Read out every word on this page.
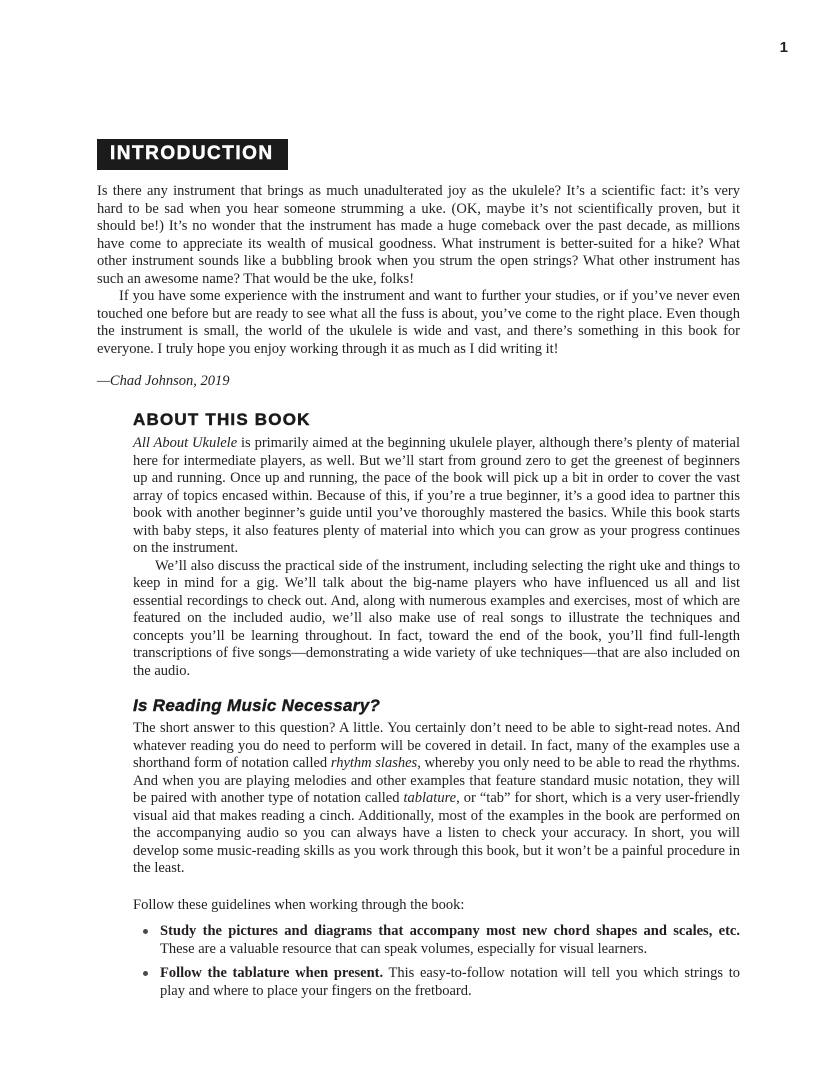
1
INTRODUCTION

Is there any instrument that brings as much unadulterated joy as the ukulele? It’s a scientific fact: it’s very hard to be sad when you hear someone strumming a uke. (OK, maybe it’s not scientifically proven, but it should be!) It’s no wonder that the instrument has made a huge comeback over the past decade, as millions have come to appreciate its wealth of musical goodness. What instrument is better-suited for a hike? What other instrument sounds like a bubbling brook when you strum the open strings? What other instrument has such an awesome name? That would be the uke, folks!

If you have some experience with the instrument and want to further your studies, or if you’ve never even touched one before but are ready to see what all the fuss is about, you’ve come to the right place. Even though the instrument is small, the world of the ukulele is wide and vast, and there’s something in this book for everyone. I truly hope you enjoy working through it as much as I did writing it!

—Chad Johnson, 2019

ABOUT THIS BOOK

All About Ukulele is primarily aimed at the beginning ukulele player, although there’s plenty of material here for intermediate players, as well. But we’ll start from ground zero to get the greenest of beginners up and running. Once up and running, the pace of the book will pick up a bit in order to cover the vast array of topics encased within. Because of this, if you’re a true beginner, it’s a good idea to partner this book with another beginner’s guide until you’ve thoroughly mastered the basics. While this book starts with baby steps, it also features plenty of material into which you can grow as your progress continues on the instrument.

We’ll also discuss the practical side of the instrument, including selecting the right uke and things to keep in mind for a gig. We’ll talk about the big-name players who have influenced us all and list essential recordings to check out. And, along with numerous examples and exercises, most of which are featured on the included audio, we’ll also make use of real songs to illustrate the techniques and concepts you’ll be learning throughout. In fact, toward the end of the book, you’ll find full-length transcriptions of five songs—demonstrating a wide variety of uke techniques—that are also included on the audio.

Is Reading Music Necessary?

The short answer to this question? A little. You certainly don’t need to be able to sight-read notes. And whatever reading you do need to perform will be covered in detail. In fact, many of the examples use a shorthand form of notation called rhythm slashes, whereby you only need to be able to read the rhythms. And when you are playing melodies and other examples that feature standard music notation, they will be paired with another type of notation called tablature, or “tab” for short, which is a very user-friendly visual aid that makes reading a cinch. Additionally, most of the examples in the book are performed on the accompanying audio so you can always have a listen to check your accuracy. In short, you will develop some music-reading skills as you work through this book, but it won’t be a painful procedure in the least.

Follow these guidelines when working through the book:

Study the pictures and diagrams that accompany most new chord shapes and scales, etc. These are a valuable resource that can speak volumes, especially for visual learners.

Follow the tablature when present. This easy-to-follow notation will tell you which strings to play and where to place your fingers on the fretboard.
